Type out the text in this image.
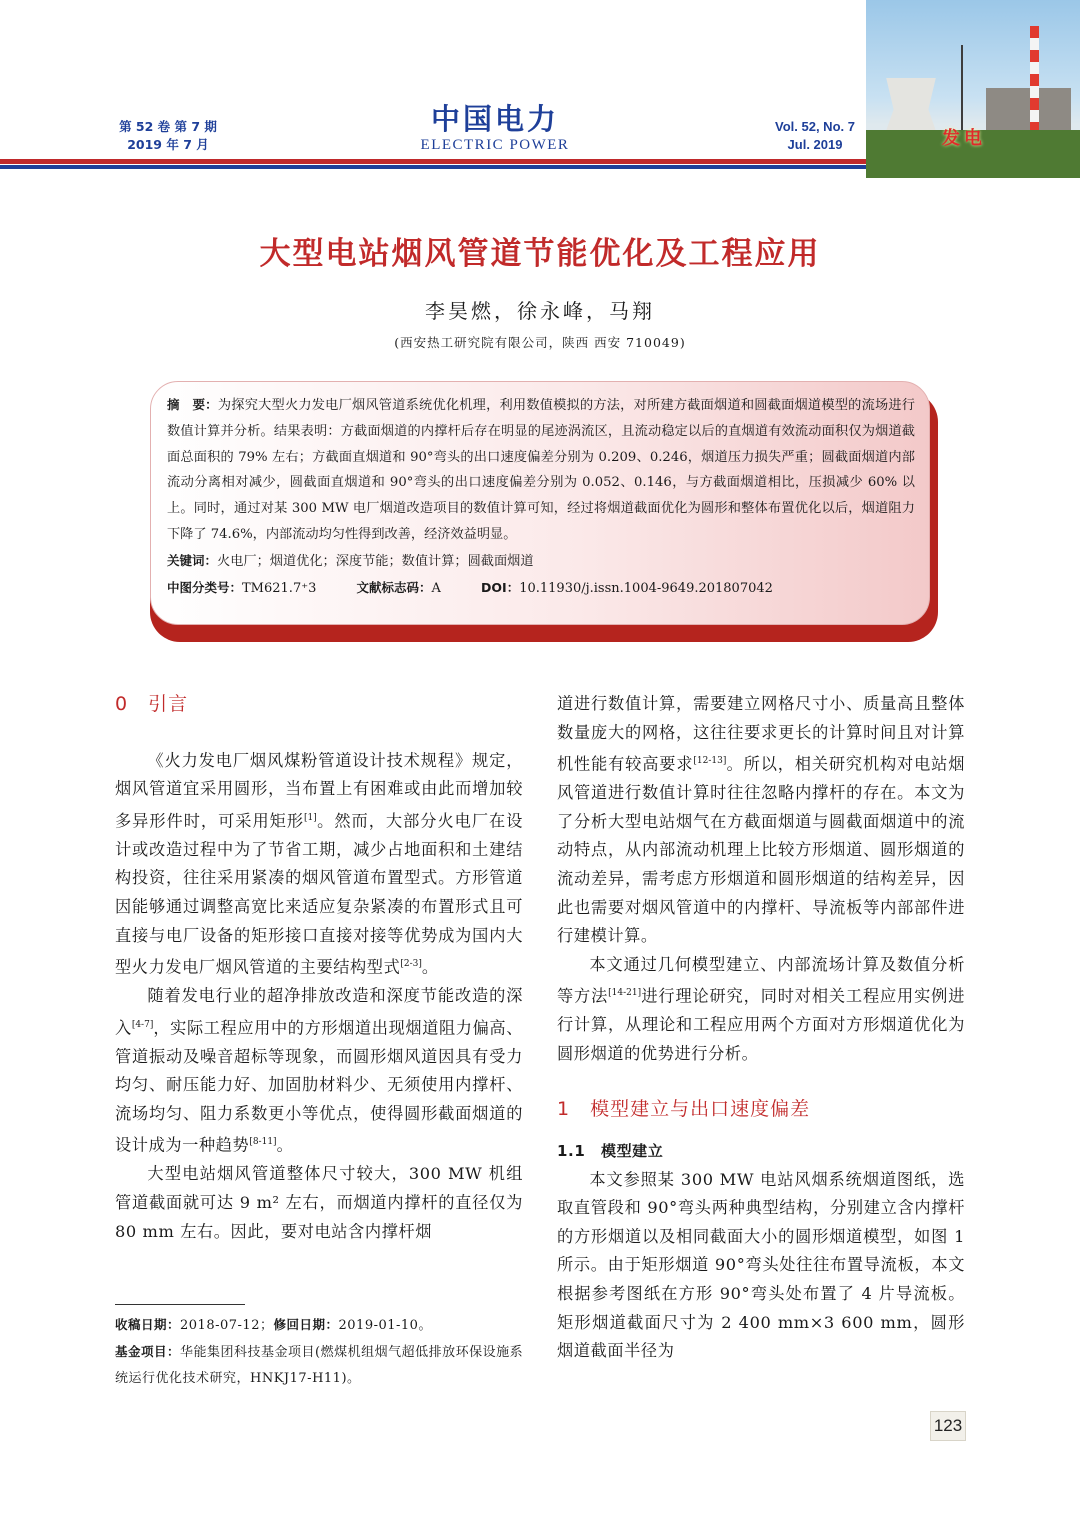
第 52 卷 第 7 期
2019 年 7 月
中国电力
ELECTRIC POWER
Vol. 52, No. 7
Jul. 2019	发电
大型电站烟风管道节能优化及工程应用
李昊燃，徐永峰，马翔
(西安热工研究院有限公司，陕西 西安 710049)
摘　要：为探究大型火力发电厂烟风管道系统优化机理，利用数值模拟的方法，对所建方截面烟道和圆截面烟道模型的流场进行数值计算并分析。结果表明：方截面烟道的内撑杆后存在明显的尾迹涡流区，且流动稳定以后的直烟道有效流动面积仅为烟道截面总面积的 79% 左右；方截面直烟道和 90°弯头的出口速度偏差分别为 0.209、0.246，烟道压力损失严重；圆截面烟道内部流动分离相对减少，圆截面直烟道和 90°弯头的出口速度偏差分别为 0.052、0.146，与方截面烟道相比，压损减少 60% 以上。同时，通过对某 300 MW 电厂烟道改造项目的数值计算可知，经过将烟道截面优化为圆形和整体布置优化以后，烟道阻力下降了 74.6%，内部流动均匀性得到改善，经济效益明显。
关键词：火电厂；烟道优化；深度节能；数值计算；圆截面烟道
中图分类号：TM621.7⁺3	文献标志码：A	DOI：10.11930/j.issn.1004-9649.201807042
0　引言

《火力发电厂烟风煤粉管道设计技术规程》规定，烟风管道宜采用圆形，当布置上有困难或由此而增加较多异形件时，可采用矩形[1]。然而，大部分火电厂在设计或改造过程中为了节省工期，减少占地面积和土建结构投资，往往采用紧凑的烟风管道布置型式。方形管道因能够通过调整高宽比来适应复杂紧凑的布置形式且可直接与电厂设备的矩形接口直接对接等优势成为国内大型火力发电厂烟风管道的主要结构型式[2-3]。

随着发电行业的超净排放改造和深度节能改造的深入[4-7]，实际工程应用中的方形烟道出现烟道阻力偏高、管道振动及噪音超标等现象，而圆形烟风道因具有受力均匀、耐压能力好、加固肋材料少、无须使用内撑杆、流场均匀、阻力系数更小等优点，使得圆形截面烟道的设计成为一种趋势[8-11]。

大型电站烟风管道整体尺寸较大，300 MW 机组管道截面就可达 9 m² 左右，而烟道内撑杆的直径仅为 80 mm 左右。因此，要对电站含内撑杆烟

收稿日期：2018-07-12；修回日期：2019-01-10。
基金项目：华能集团科技基金项目(燃煤机组烟气超低排放环保设施系统运行优化技术研究，HNKJ17-H11)。

道进行数值计算，需要建立网格尺寸小、质量高且整体数量庞大的网格，这往往要求更长的计算时间且对计算机性能有较高要求[12-13]。所以，相关研究机构对电站烟风管道进行数值计算时往往忽略内撑杆的存在。本文为了分析大型电站烟气在方截面烟道与圆截面烟道中的流动特点，从内部流动机理上比较方形烟道、圆形烟道的流动差异，需考虑方形烟道和圆形烟道的结构差异，因此也需要对烟风管道中的内撑杆、导流板等内部部件进行建模计算。

本文通过几何模型建立、内部流场计算及数值分析等方法[14-21]进行理论研究，同时对相关工程应用实例进行计算，从理论和工程应用两个方面对方形烟道优化为圆形烟道的优势进行分析。

1　模型建立与出口速度偏差
1.1　模型建立

本文参照某 300 MW 电站风烟系统烟道图纸，选取直管段和 90°弯头两种典型结构，分别建立含内撑杆的方形烟道以及相同截面大小的圆形烟道模型，如图 1 所示。由于矩形烟道 90°弯头处往往布置导流板，本文根据参考图纸在方形 90°弯头处布置了 4 片导流板。矩形烟道截面尺寸为 2 400 mm×3 600 mm，圆形烟道截面半径为

123
